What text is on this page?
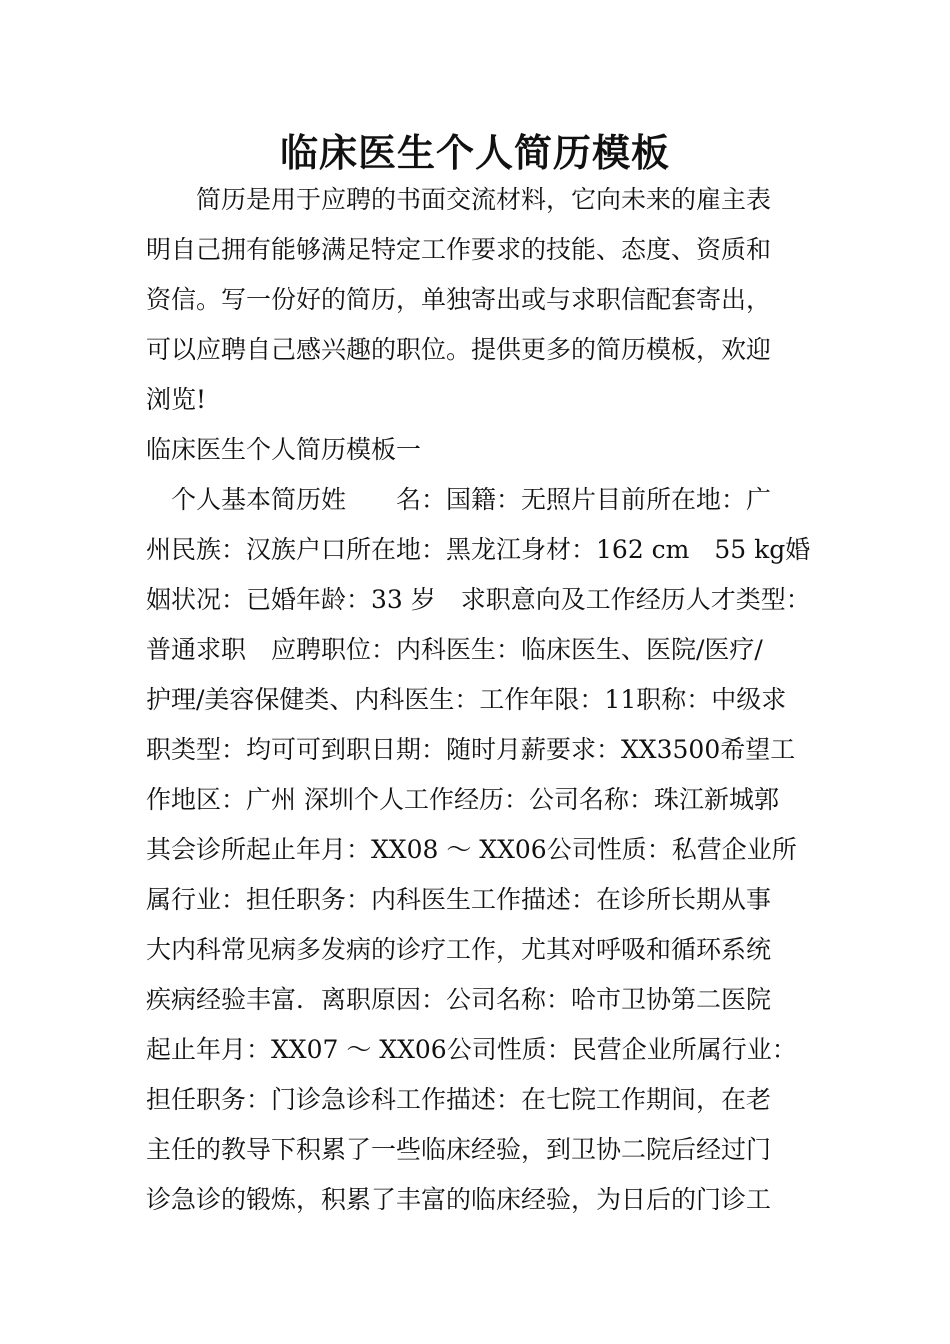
临床医生个人简历模板
　　简历是用于应聘的书面交流材料，它向未来的雇主表
明自己拥有能够满足特定工作要求的技能、态度、资质和
资信。写一份好的简历，单独寄出或与求职信配套寄出，
可以应聘自己感兴趣的职位。提供更多的简历模板，欢迎
浏览!
临床医生个人简历模板一
　个人基本简历姓　　名：国籍：无照片目前所在地：广
州民族：汉族户口所在地：黑龙江身材：162 cm　55 kg婚
姻状况：已婚年龄：33 岁　求职意向及工作经历人才类型：
普通求职　应聘职位：内科医生：临床医生、医院/医疗/
护理/美容保健类、内科医生：工作年限：11职称：中级求
职类型：均可可到职日期：随时月薪要求：XX3500希望工
作地区：广州 深圳个人工作经历：公司名称：珠江新城郭
其会诊所起止年月：XX08 ～ XX06公司性质：私营企业所
属行业：担任职务：内科医生工作描述：在诊所长期从事
大内科常见病多发病的诊疗工作，尤其对呼吸和循环系统
疾病经验丰富．离职原因：公司名称：哈市卫协第二医院
起止年月：XX07 ～ XX06公司性质：民营企业所属行业：
担任职务：门诊急诊科工作描述：在七院工作期间，在老
主任的教导下积累了一些临床经验，到卫协二院后经过门
诊急诊的锻炼，积累了丰富的临床经验，为日后的门诊工
